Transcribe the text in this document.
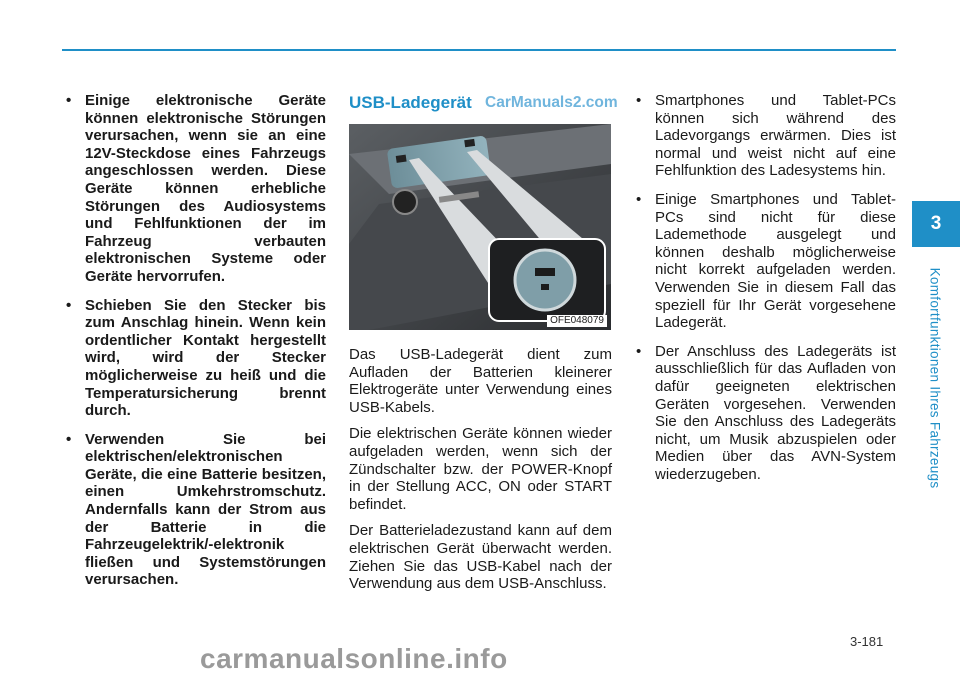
• Einige elektronische Geräte können elektronische Störungen verursachen, wenn sie an eine 12V-Steckdose eines Fahrzeugs angeschlossen werden. Diese Geräte können erhebliche Störungen des Audiosystems und Fehlfunktionen der im Fahrzeug verbauten elektronischen Systeme oder Geräte hervorrufen.
• Schieben Sie den Stecker bis zum Anschlag hinein. Wenn kein ordentlicher Kontakt hergestellt wird, wird der Stecker möglicherweise zu heiß und die Temperatursicherung brennt durch.
• Verwenden Sie bei elektrischen/elektronischen Geräte, die eine Batterie besitzen, einen Umkehrstromschutz. Andernfalls kann der Strom aus der Batterie in die Fahrzeugelektrik/-elektronik fließen und Systemstörungen verursachen.
USB-Ladegerät
OFE048079

Das USB-Ladegerät dient zum Aufladen der Batterien kleinerer Elektrogeräte unter Verwendung eines USB-Kabels.

Die elektrischen Geräte können wieder aufgeladen werden, wenn sich der Zündschalter bzw. der POWER-Knopf in der Stellung ACC, ON oder START befindet.

Der Batterieladezustand kann auf dem elektrischen Gerät überwacht werden. Ziehen Sie das USB-Kabel nach der Verwendung aus dem USB-Anschluss.

CarManuals2.com • Smartphones und Tablet-PCs können sich während des Ladevorgangs erwärmen. Dies ist normal und weist nicht auf eine Fehlfunktion des Ladesystems hin.
• Einige Smartphones und Tablet-PCs sind nicht für diese Lademethode ausgelegt und können deshalb möglicherweise nicht korrekt aufgeladen werden. Verwenden Sie in diesem Fall das speziell für Ihr Gerät vorgesehene Ladegerät.
• Der Anschluss des Ladegeräts ist ausschließlich für das Aufladen von dafür geeigneten elektrischen Geräten vorgesehen. Verwenden Sie den Anschluss des Ladegeräts nicht, um Musik abzuspielen oder Medien über das AVN-System wiederzugeben.
3
Komfortfunktionen Ihres Fahrzeugs
3-181
carmanualsonline.info
